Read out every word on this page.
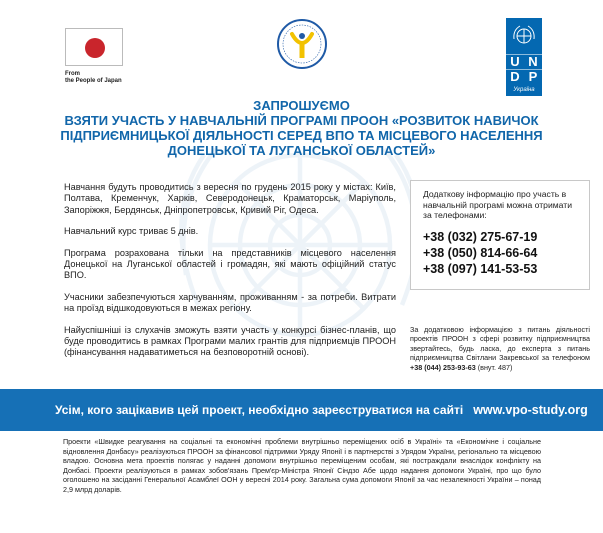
From
the People of Japan
U N
D P
Україна
ЗАПРОШУЄМО
ВЗЯТИ УЧАСТЬ У НАВЧАЛЬНІЙ ПРОГРАМІ ПРООН «РОЗВИТОК НАВИЧОК ПІДПРИЄМНИЦЬКОЇ ДІЯЛЬНОСТІ СЕРЕД ВПО ТА МІСЦЕВОГО НАСЕЛЕННЯ ДОНЕЦЬКОЇ ТА ЛУГАНСЬКОЇ ОБЛАСТЕЙ»

Навчання будуть проводитись з вересня по грудень 2015 року у містах: Київ, Полтава, Кременчук, Харків, Северодонецьк, Краматорськ, Маріуполь, Запоріжжя, Бердянськ, Дніпропетровськ, Кривий Ріг, Одеса.

Навчальний курс триває 5 днів.

Програма розрахована тільки на представників місцевого населення Донецької на Луганської областей і громадян, які мають офіційний статус ВПО.

Учасники забезпечуються харчуванням, проживанням - за потреби. Витрати на проїзд відшкодовуються в межах регіону.

Найуспішніші із слухачів зможуть взяти участь у конкурсі бізнес-планів, що буде проводитись в рамках Програми малих грантів для підприємців ПРООН (фінансування надаватиметься на безповоротній основі).

Додаткову інформацію про участь в навчальній програмі можна отримати за телефонами:
+38 (032) 275-67-19
+38 (050) 814-66-64
+38 (097) 141-53-53
За додатковою інформацією з питань діяльності проектів ПРООН з сфері розвитку підприємництва звертайтесь, будь ласка, до експерта з питань підприємництва Світлани Закревської за телефоном +38 (044) 253-93-63 (внут. 487)
Усім, кого зацікавив цей проект, необхідно зареєструватися на сайті www.vpo-study.org
Проекти «Швидке реагування на соціальні та економічні проблеми внутрішньо переміщених осіб в Україні» та «Економічне і соціальне відновлення Донбасу» реалізуються ПРООН за фінансової підтримки Уряду Японії і в партнерстві з Урядом України, регіонально та місцевою владою. Основна мета проектів полягає у наданні допомоги внутрішньо переміщеним особам, які постраждали внаслідок конфлікту на Донбасі. Проекти реалізуються в рамках зобов'язань Прем'єр-Міністра Японії Сіндзо Абе щодо надання допомоги Україні, про що було оголошено на засіданні Генеральної Асамблеї ООН у вересні 2014 року. Загальна сума допомоги Японії за час незалежності України – понад 2,9 млрд доларів.
